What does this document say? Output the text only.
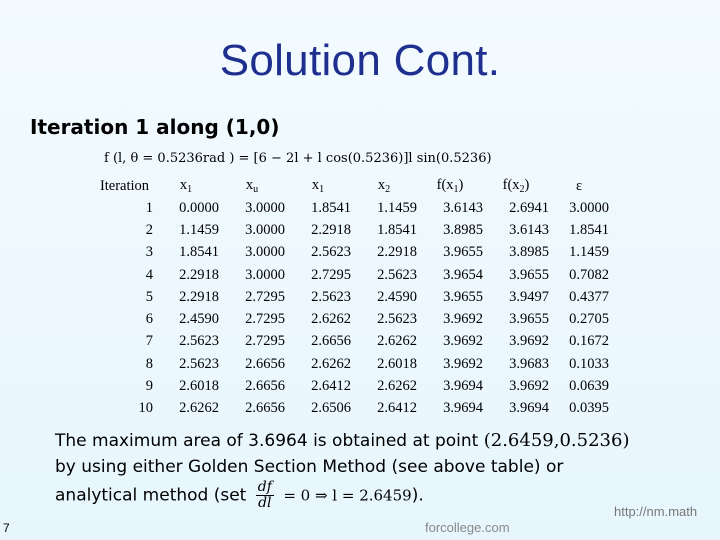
Solution Cont.
Iteration 1 along (1,0)
f (l, θ = 0.5236rad ) = [6 − 2l + l cos(0.5236)]l sin(0.5236)
Iteration	$x_1$	$x_u$	$x_1$	$x_2$	$f(x_1)$	$f(x_2)$	ε
1	0.0000	3.0000	1.8541	1.1459	3.6143	2.6941	3.0000
2	1.1459	3.0000	2.2918	1.8541	3.8985	3.6143	1.8541
3	1.8541	3.0000	2.5623	2.2918	3.9655	3.8985	1.1459
4	2.2918	3.0000	2.7295	2.5623	3.9654	3.9655	0.7082
5	2.2918	2.7295	2.5623	2.4590	3.9655	3.9497	0.4377
6	2.4590	2.7295	2.6262	2.5623	3.9692	3.9655	0.2705
7	2.5623	2.7295	2.6656	2.6262	3.9692	3.9692	0.1672
8	2.5623	2.6656	2.6262	2.6018	3.9692	3.9683	0.1033
9	2.6018	2.6656	2.6412	2.6262	3.9694	3.9692	0.0639
10	2.6262	2.6656	2.6506	2.6412	3.9694	3.9694	0.0395
The maximum area of 3.6964 is obtained at point (2.6459,0.5236)
by using either Golden Section Method (see above table) or
analytical method ($set \frac{df}{dl} = 0$ ⇒ l = 2.6459).
7	forcollege.com
http://nm.math
